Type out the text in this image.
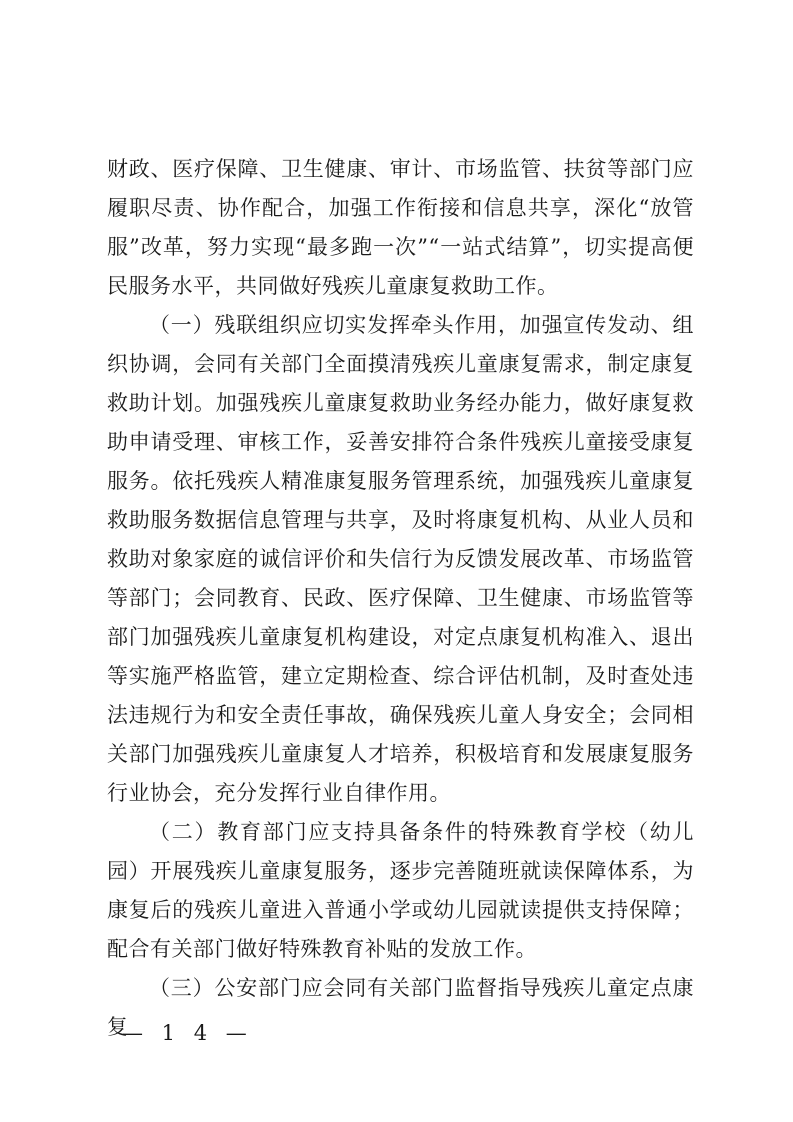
财政、医疗保障、卫生健康、审计、市场监管、扶贫等部门应履职尽责、协作配合，加强工作衔接和信息共享，深化“放管服”改革，努力实现“最多跑一次”“一站式结算”，切实提高便民服务水平，共同做好残疾儿童康复救助工作。

（一）残联组织应切实发挥牵头作用，加强宣传发动、组织协调，会同有关部门全面摸清残疾儿童康复需求，制定康复救助计划。加强残疾儿童康复救助业务经办能力，做好康复救助申请受理、审核工作，妥善安排符合条件残疾儿童接受康复服务。依托残疾人精准康复服务管理系统，加强残疾儿童康复救助服务数据信息管理与共享，及时将康复机构、从业人员和救助对象家庭的诚信评价和失信行为反馈发展改革、市场监管等部门；会同教育、民政、医疗保障、卫生健康、市场监管等部门加强残疾儿童康复机构建设，对定点康复机构准入、退出等实施严格监管，建立定期检查、综合评估机制，及时查处违法违规行为和安全责任事故，确保残疾儿童人身安全；会同相关部门加强残疾儿童康复人才培养，积极培育和发展康复服务行业协会，充分发挥行业自律作用。

（二）教育部门应支持具备条件的特殊教育学校（幼儿园）开展残疾儿童康复服务，逐步完善随班就读保障体系，为康复后的残疾儿童进入普通小学或幼儿园就读提供支持保障；配合有关部门做好特殊教育补贴的发放工作。

（三）公安部门应会同有关部门监督指导残疾儿童定点康复

— 1 4 —
